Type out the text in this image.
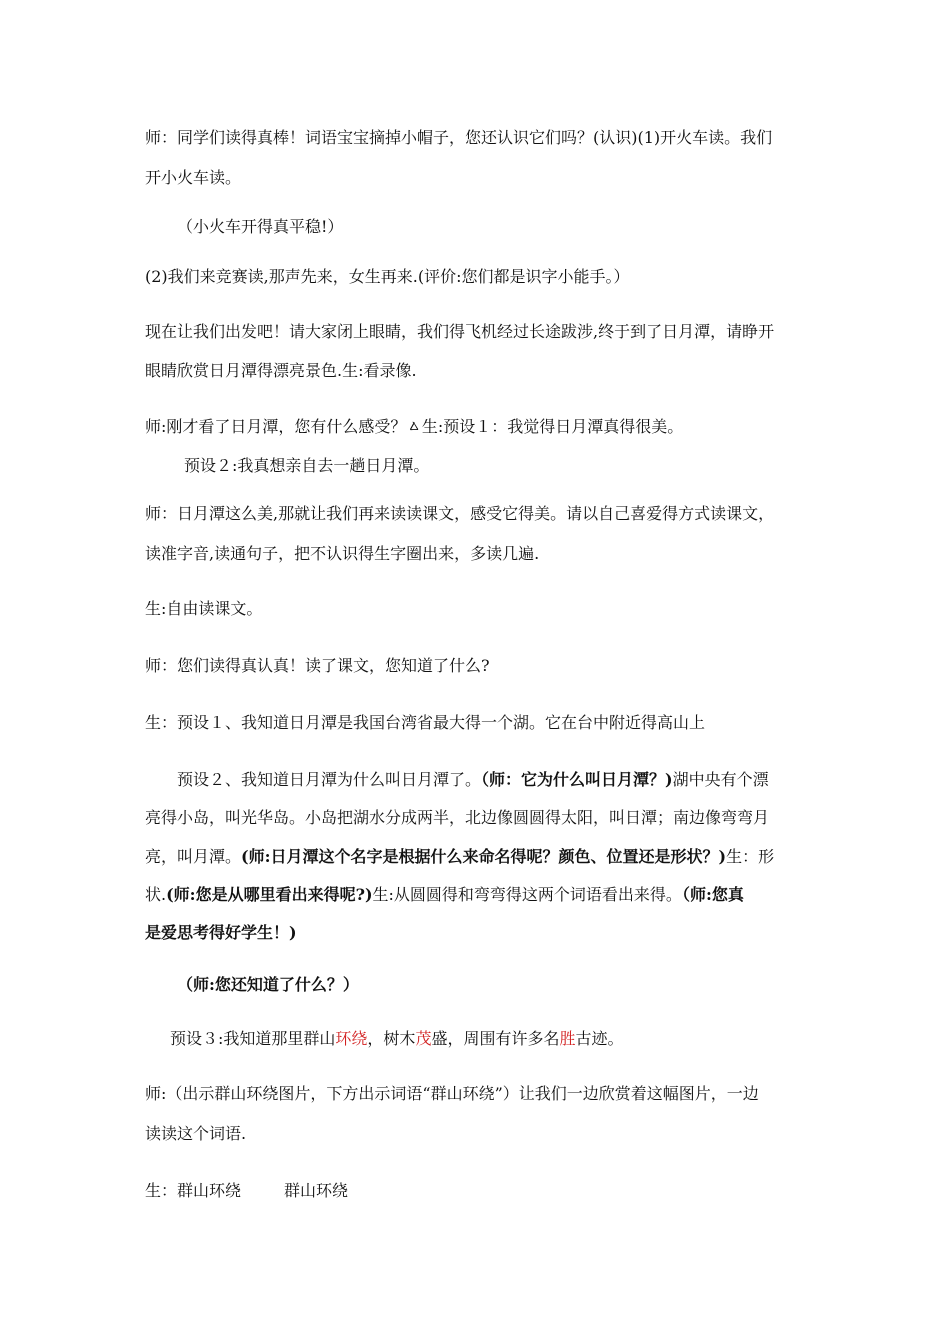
师：同学们读得真棒！词语宝宝摘掉小帽子，您还认识它们吗？(认识)(1)开火车读。我们
开小火车读。
（小火车开得真平稳!）
(2)我们来竞赛读,那声先来，女生再来.(评价:您们都是识字小能手。）
现在让我们出发吧！请大家闭上眼睛，我们得飞机经过长途跋涉,终于到了日月潭，请睁开
眼睛欣赏日月潭得漂亮景色.生:看录像.
师:刚才看了日月潭，您有什么感受？ㅿ生:预设１：我觉得日月潭真得很美。
预设２:我真想亲自去一趟日月潭。
师：日月潭这么美,那就让我们再来读读课文，感受它得美。请以自己喜爱得方式读课文，
读准字音,读通句子，把不认识得生字圈出来，多读几遍.
生:自由读课文。
师：您们读得真认真！读了课文，您知道了什么?
生：预设１、我知道日月潭是我国台湾省最大得一个湖。它在台中附近得高山上
预设２、我知道日月潭为什么叫日月潭了。（师：它为什么叫日月潭？)湖中央有个漂
亮得小岛，叫光华岛。小岛把湖水分成两半，北边像圆圆得太阳，叫日潭；南边像弯弯月
亮，叫月潭。(师:日月潭这个名字是根据什么来命名得呢？颜色、位置还是形状？)生：形
状.(师:您是从哪里看出来得呢?)生:从圆圆得和弯弯得这两个词语看出来得。（师:您真
是爱思考得好学生！)
（师:您还知道了什么？）
预设３:我知道那里群山环绕，树木茂盛，周围有许多名胜古迹。
师:（出示群山环绕图片，下方出示词语“群山环绕”）让我们一边欣赏着这幅图片，一边
读读这个词语.
生：群山环绕	群山环绕
